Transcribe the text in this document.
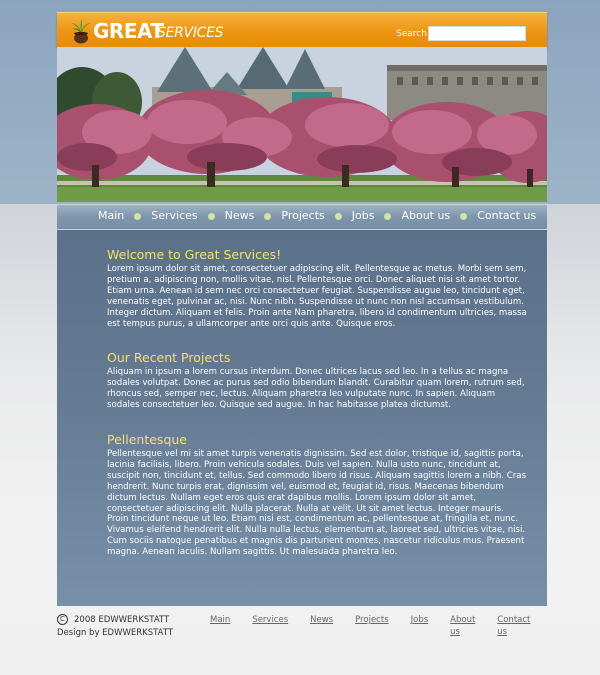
GREAT
SERVICES	Search
Main Services News Projects Jobs About us Contact us
Welcome to Great Services!

Lorem ipsum dolor sit amet, consectetuer adipiscing elit. Pellentesque ac metus. Morbi sem sem, pretium a, adipiscing non, mollis vitae, nisl. Pellentesque orci. Donec aliquet nisi sit amet tortor. Etiam urna. Aenean id sem nec orci consectetuer feugiat. Suspendisse augue leo, tincidunt eget, venenatis eget, pulvinar ac, nisi. Nunc nibh. Suspendisse ut nunc non nisl accumsan vestibulum. Integer dictum. Aliquam et felis. Proin ante Nam pharetra, libero id condimentum ultricies, massa est tempus purus, a ullamcorper ante orci quis ante. Quisque eros.

Our Recent Projects

Aliquam in ipsum a lorem cursus interdum. Donec ultrices lacus sed leo. In a tellus ac magna sodales volutpat. Donec ac purus sed odio bibendum blandit. Curabitur quam lorem, rutrum sed, rhoncus sed, semper nec, lectus. Aliquam pharetra leo vulputate nunc. In sapien. Aliquam sodales consectetuer leo. Quisque sed augue. In hac habitasse platea dictumst.

Pellentesque

Pellentesque vel mi sit amet turpis venenatis dignissim. Sed est dolor, tristique id, sagittis porta, lacinia facilisis, libero. Proin vehicula sodales. Duis vel sapien. Nulla usto nunc, tincidunt at, suscipit non, tincidunt et, tellus. Sed commodo libero id risus. Aliquam sagittis lorem a nibh. Cras hendrerit. Nunc turpis erat, dignissim vel, euismod et, feugiat id, risus. Maecenas bibendum dictum lectus. Nullam eget eros quis erat dapibus mollis. Lorem ipsum dolor sit amet, consectetuer adipiscing elit. Nulla placerat. Nulla at velit. Ut sit amet lectus. Integer mauris. Proin tincidunt neque ut leo. Etiam nisi est, condimentum ac, pellentesque at, fringilla et, nunc. Vivamus eleifend hendrerit elit. Nulla nulla lectus, elementum at, laoreet sed, ultricies vitae, nisi. Cum sociis natoque penatibus et magnis dis parturient montes, nascetur ridiculus mus. Praesent magna. Aenean iaculis. Nullam sagittis. Ut malesuada pharetra leo.

C 2008 EDWWERKSTATT
Design by EDWWERKSTATT
Main	Services	News	Projects	Jobs	About us
Contact us
